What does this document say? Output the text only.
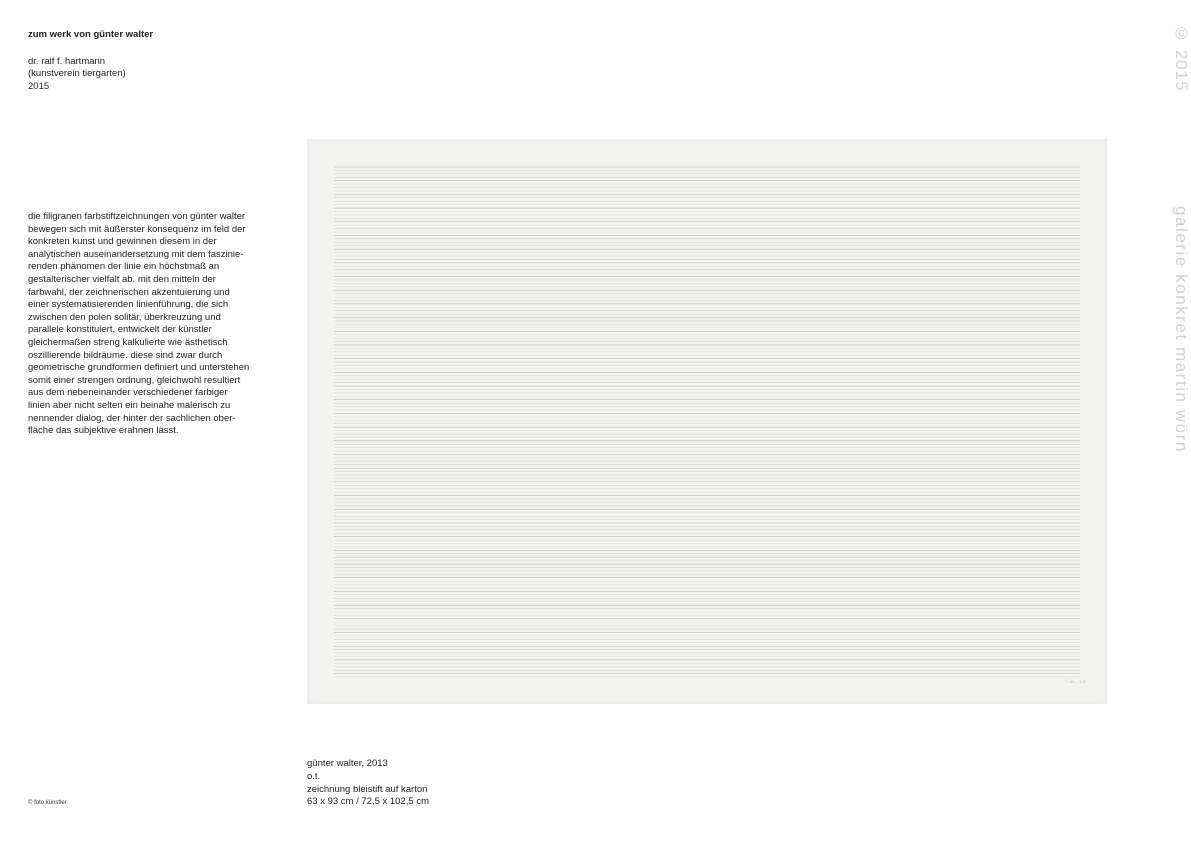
zum werk von günter walter
dr. ralf f. hartmann
(kunstverein tiergarten)
2015

die filigranen farbstiftzeichnungen von günter walter

bewegen sich mit äußerster konsequenz im feld der

konkreten kunst und gewinnen diesem in der

analytischen auseinandersetzung mit dem faszinie-

renden phänomen der linie ein höchstmaß an

gestalterischer vielfalt ab. mit den mitteln der

farbwahl, der zeichnerischen akzentuierung und

einer systematisierenden linienführung, die sich

zwischen den polen solitär, überkreuzung und

parallele konstituiert, entwickelt der künstler

gleichermaßen streng kalkulierte wie ästhetisch

oszillierende bildräume. diese sind zwar durch

geometrische grundformen definiert und unterstehen

somit einer strengen ordnung, gleichwohl resultiert

aus dem nebeneinander verschiedener farbiger

linien aber nicht selten ein beinahe malerisch zu

nennender dialog, der hinter der sachlichen ober-

fläche das subjektive erahnen lässt.

l.w. 13
günter walter, 2013
o.t.
zeichnung bleistift auf karton
63 x 93 cm / 72,5 x 102,5 cm
© foto künstler
© 2015
galerie konkret martin wörn
